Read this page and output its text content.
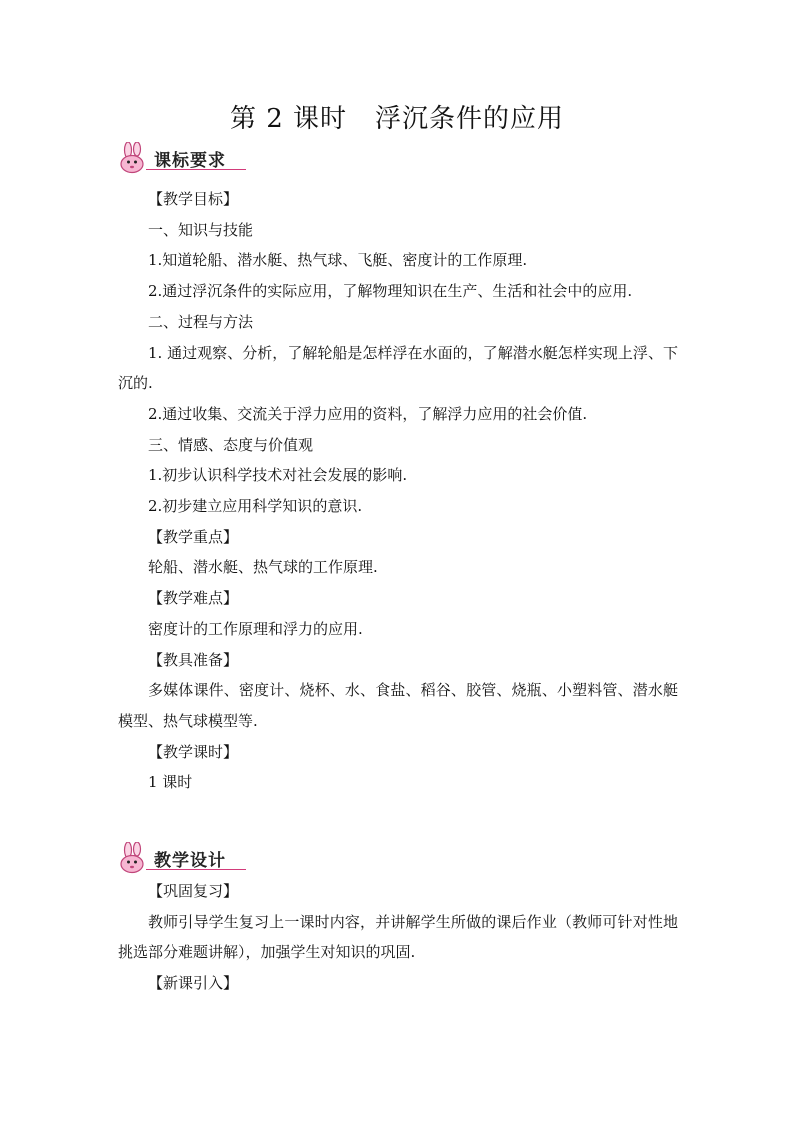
第 2 课时 浮沉条件的应用
课标要求

【教学目标】

一、知识与技能

1.知道轮船、潜水艇、热气球、飞艇、密度计的工作原理.

2.通过浮沉条件的实际应用，了解物理知识在生产、生活和社会中的应用.

二、过程与方法

1. 通过观察、分析，了解轮船是怎样浮在水面的，了解潜水艇怎样实现上浮、下沉的.

2.通过收集、交流关于浮力应用的资料，了解浮力应用的社会价值.

三、情感、态度与价值观

1.初步认识科学技术对社会发展的影响.

2.初步建立应用科学知识的意识.

【教学重点】

轮船、潜水艇、热气球的工作原理.

【教学难点】

密度计的工作原理和浮力的应用.

【教具准备】

多媒体课件、密度计、烧杯、水、食盐、稻谷、胶管、烧瓶、小塑料管、潜水艇模型、热气球模型等.

【教学课时】

1 课时

教学设计

【巩固复习】

教师引导学生复习上一课时内容，并讲解学生所做的课后作业（教师可针对性地挑选部分难题讲解），加强学生对知识的巩固.

【新课引入】
